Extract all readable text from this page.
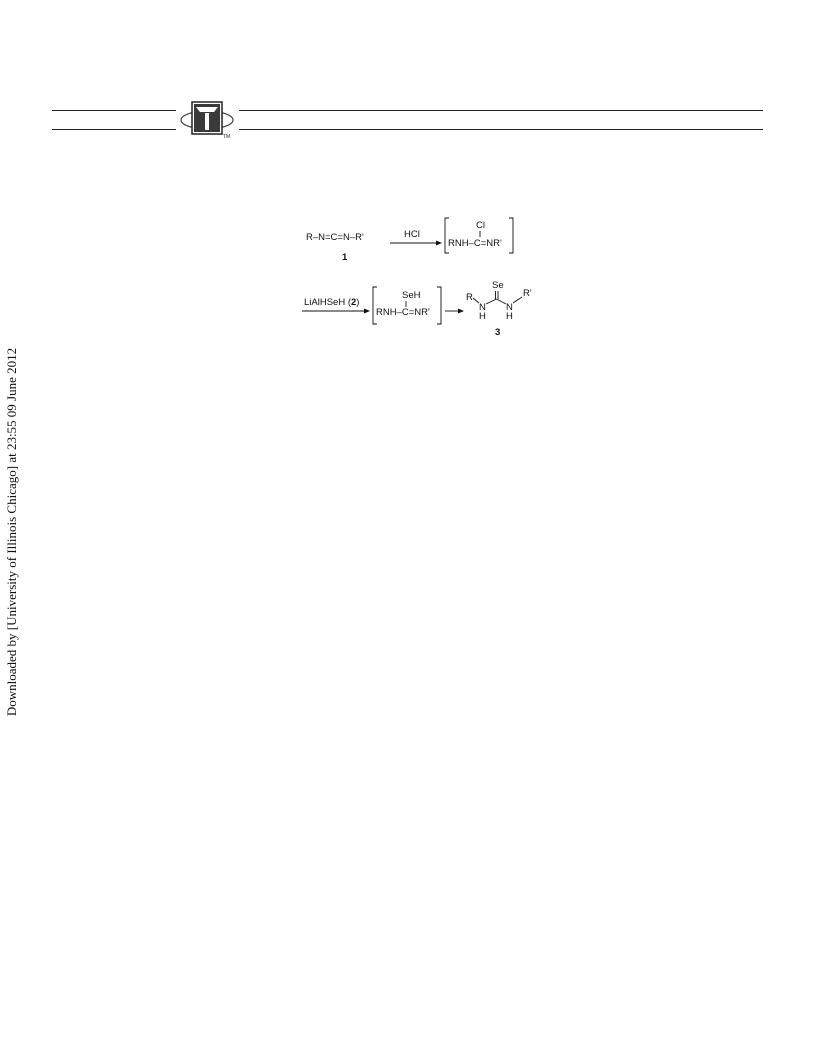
TM
Downloaded by [University of Illinois Chicago] at 23:55 09 June 2012
R–N=C=N–R'
1
HCl
Cl
RNH–C=NR'
LiAlHSeH (2)
SeH
RNH–C=NR'
Se
R
N
H
N
H
R'
3
